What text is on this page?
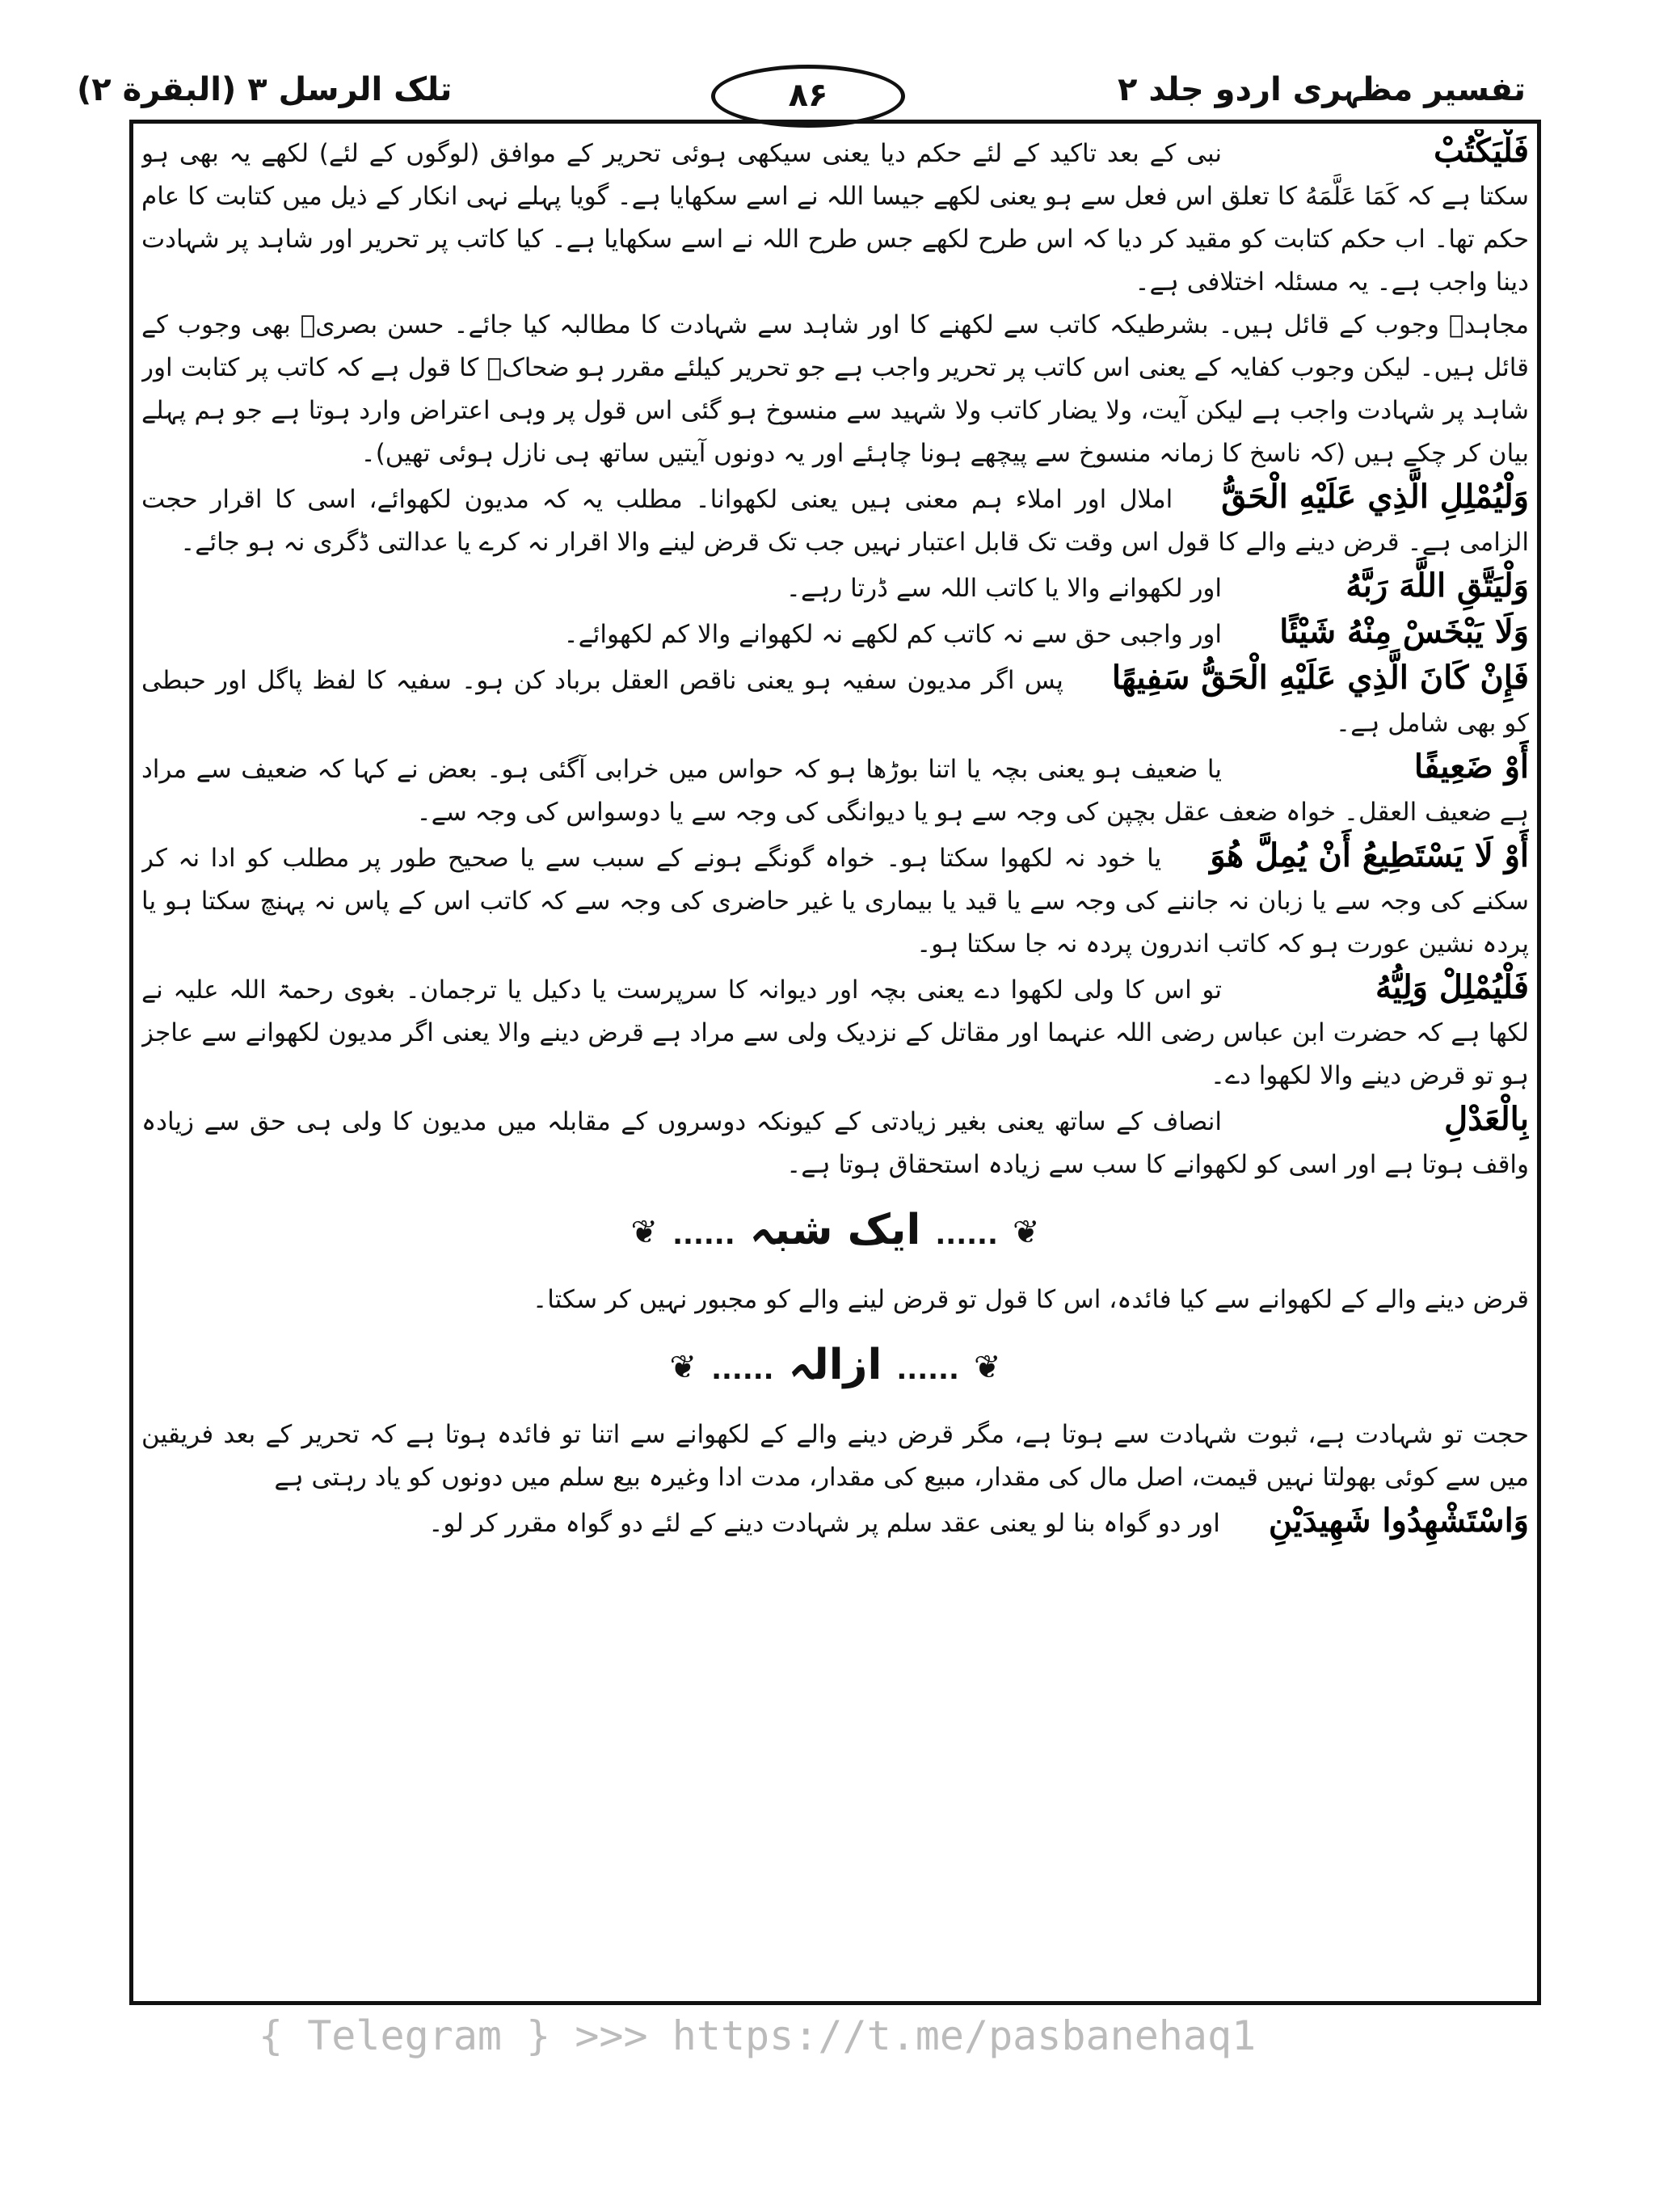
تفسیر مظہری اردو جلد ۲
۸۶
تلک الرسل ۳ (البقرة ۲)

فَلْيَكْتُبْنبی کے بعد تاکید کے لئے حکم دیا یعنی سیکھی ہوئی تحریر کے موافق (لوگوں کے لئے) لکھے یہ بھی ہو سکتا ہے کہ کَمَا عَلَّمَهُ کا تعلق اس فعل سے ہو یعنی لکھے جیسا اللہ نے اسے سکھایا ہے۔ گویا پہلے نہی انکار کے ذیل میں کتابت کا عام حکم تھا۔ اب حکم کتابت کو مقید کر دیا کہ اس طرح لکھے جس طرح اللہ نے اسے سکھایا ہے۔ کیا کاتب پر تحریر اور شاہد پر شہادت دینا واجب ہے۔ یہ مسئلہ اختلافی ہے۔

مجاہدؒ وجوب کے قائل ہیں۔ بشرطیکہ کاتب سے لکھنے کا اور شاہد سے شہادت کا مطالبہ کیا جائے۔ حسن بصریؒ بھی وجوب کے قائل ہیں۔ لیکن وجوب کفایہ کے یعنی اس کاتب پر تحریر واجب ہے جو تحریر کیلئے مقرر ہو ضحاکؒ کا قول ہے کہ کاتب پر کتابت اور شاہد پر شہادت واجب ہے لیکن آیت، ولا یضار کاتب ولا شہید سے منسوخ ہو گئی اس قول پر وہی اعتراض وارد ہوتا ہے جو ہم پہلے بیان کر چکے ہیں (کہ ناسخ کا زمانہ منسوخ سے پیچھے ہونا چاہئے اور یہ دونوں آیتیں ساتھ ہی نازل ہوئی تھیں)۔

وَلْيُمْلِلِ الَّذِي عَلَيْهِ الْحَقُّاملال اور املاء ہم معنی ہیں یعنی لکھوانا۔ مطلب یہ کہ مدیون لکھوائے، اسی کا اقرار حجت الزامی ہے۔ قرض دینے والے کا قول اس وقت تک قابل اعتبار نہیں جب تک قرض لینے والا اقرار نہ کرے یا عدالتی ڈگری نہ ہو جائے۔

وَلْيَتَّقِ اللَّهَ رَبَّهُاور لکھوانے والا یا کاتب اللہ سے ڈرتا رہے۔

وَلَا يَبْخَسْ مِنْهُ شَيْئًااور واجبی حق سے نہ کاتب کم لکھے نہ لکھوانے والا کم لکھوائے۔

فَإِنْ كَانَ الَّذِي عَلَيْهِ الْحَقُّ سَفِيهًاپس اگر مدیون سفیہ ہو یعنی ناقص العقل برباد کن ہو۔ سفیہ کا لفظ پاگل اور حبطی کو بھی شامل ہے۔

أَوْ ضَعِيفًایا ضعیف ہو یعنی بچہ یا اتنا بوڑھا ہو کہ حواس میں خرابی آگئی ہو۔ بعض نے کہا کہ ضعیف سے مراد ہے ضعیف العقل۔ خواہ ضعف عقل بچپن کی وجہ سے ہو یا دیوانگی کی وجہ سے یا دوسواس کی وجہ سے۔

أَوْ لَا يَسْتَطِيعُ أَنْ يُمِلَّ هُوَیا خود نہ لکھوا سکتا ہو۔ خواہ گونگے ہونے کے سبب سے یا صحیح طور پر مطلب کو ادا نہ کر سکنے کی وجہ سے یا زبان نہ جاننے کی وجہ سے یا قید یا بیماری یا غیر حاضری کی وجہ سے کہ کاتب اس کے پاس نہ پہنچ سکتا ہو یا پردہ نشین عورت ہو کہ کاتب اندرون پردہ نہ جا سکتا ہو۔

فَلْيُمْلِلْ وَلِيُّهُتو اس کا ولی لکھوا دے یعنی بچہ اور دیوانہ کا سرپرست یا دکیل یا ترجمان۔ بغوی رحمۃ اللہ علیہ نے لکھا ہے کہ حضرت ابن عباس رضی اللہ عنہما اور مقاتل کے نزدیک ولی سے مراد ہے قرض دینے والا یعنی اگر مدیون لکھوانے سے عاجز ہو تو قرض دینے والا لکھوا دے۔

بِالْعَدْلِانصاف کے ساتھ یعنی بغیر زیادتی کے کیونکہ دوسروں کے مقابلہ میں مدیون کا ولی ہی حق سے زیادہ واقف ہوتا ہے اور اسی کو لکھوانے کا سب سے زیادہ استحقاق ہوتا ہے۔

❦ ...... ایک شبہ ...... ❦

قرض دینے والے کے لکھوانے سے کیا فائدہ، اس کا قول تو قرض لینے والے کو مجبور نہیں کر سکتا۔

❦ ...... ازالہ ...... ❦

حجت تو شہادت ہے، ثبوت شہادت سے ہوتا ہے، مگر قرض دینے والے کے لکھوانے سے اتنا تو فائدہ ہوتا ہے کہ تحریر کے بعد فریقین میں سے کوئی بھولتا نہیں قیمت، اصل مال کی مقدار، مبیع کی مقدار، مدت ادا وغیرہ بیع سلم میں دونوں کو یاد رہتی ہے

وَاسْتَشْهِدُوا شَهِيدَيْنِاور دو گواہ بنا لو یعنی عقد سلم پر شہادت دینے کے لئے دو گواہ مقرر کر لو۔

{ Telegram } >>> https://t.me/pasbanehaq1
